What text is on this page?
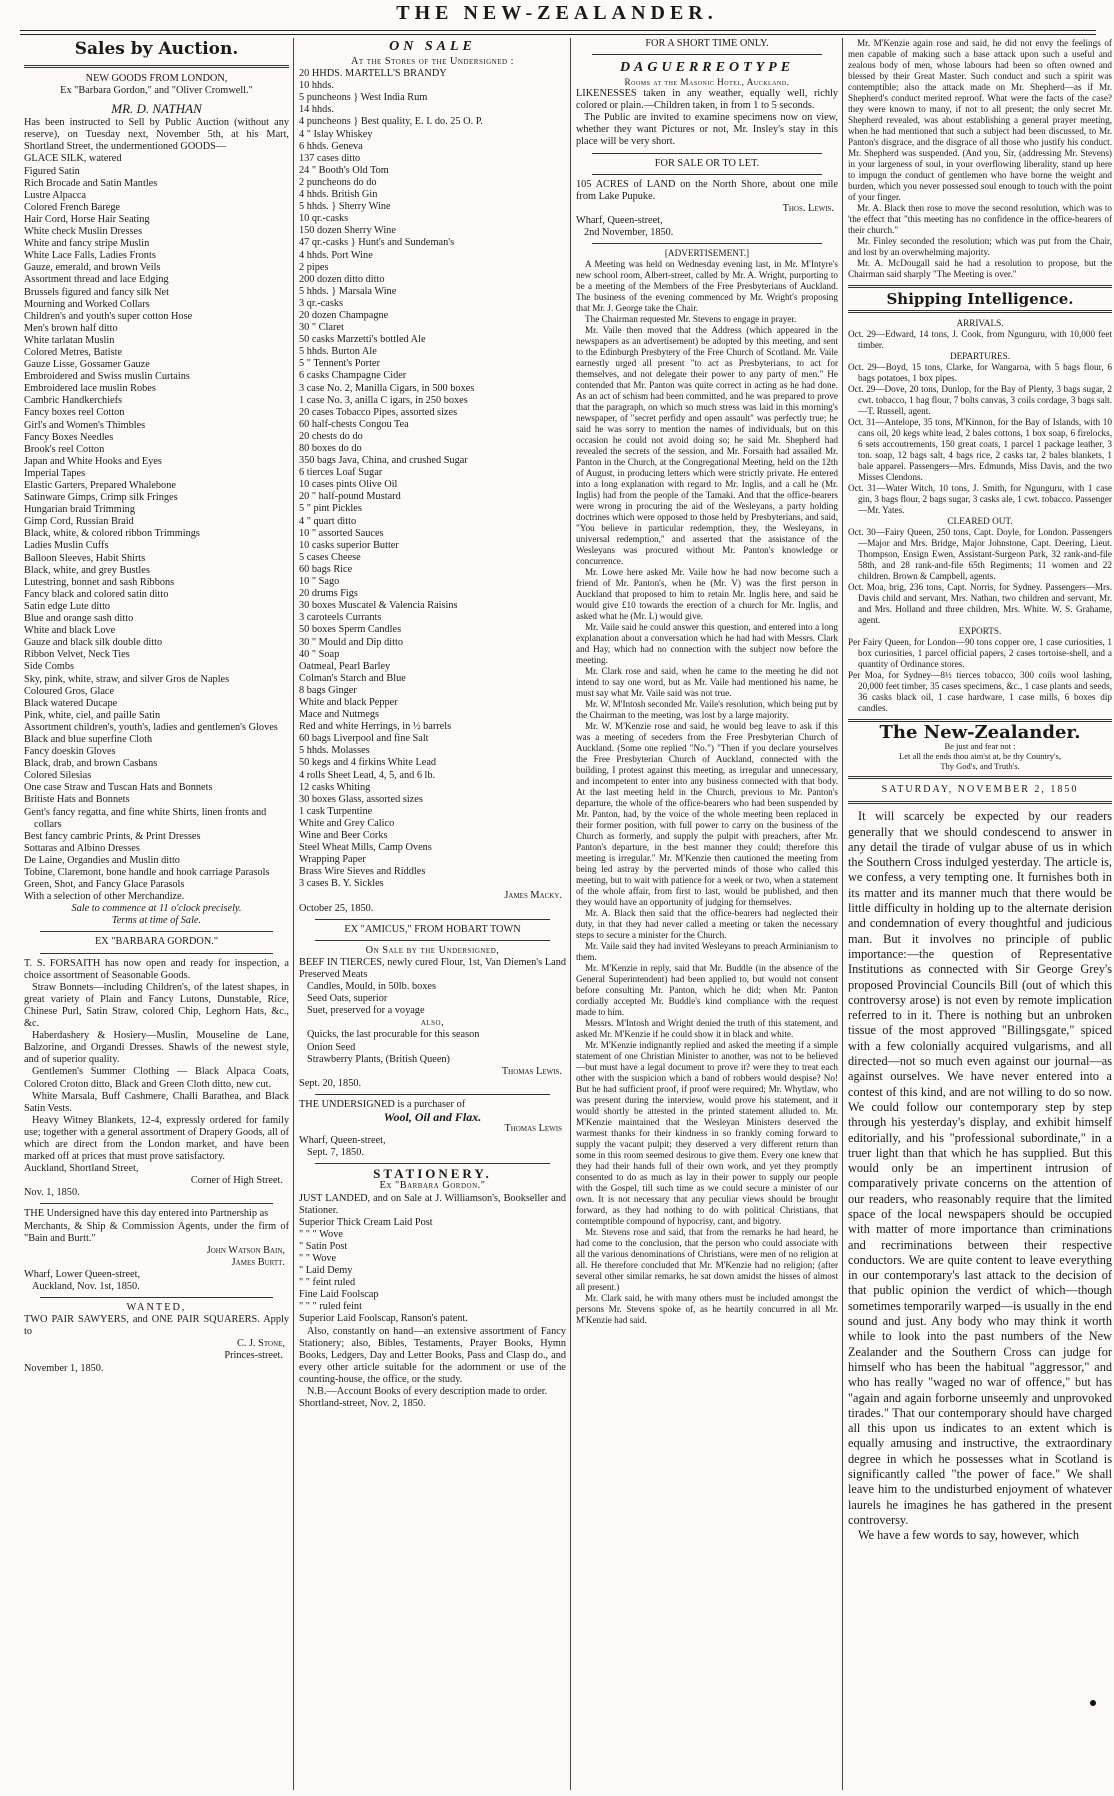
THE NEW-ZEALANDER.
Sales by Auction.
NEW GOODS FROM LONDON,
Ex "Barbara Gordon," and "Oliver Cromwell."
MR. D. NATHAN
Has been instructed to Sell by Public Auction (without any reserve), on Tuesday next, November 5th, at his Mart, Shortland Street, the undermentioned GOODS—
GLACE SILK, watered
Figured Satin
Rich Brocade and Satin Mantles
Lustre Alpacca
Colored French Barege
Hair Cord, Horse Hair Seating
White check Muslin Dresses
White and fancy stripe Muslin
White Lace Falls, Ladies Fronts
Gauze, emerald, and brown Veils
Assortment thread and lace Edging
Brussels figured and fancy silk Net
Mourning and Worked Collars
Children's and youth's super cotton Hose
Men's brown half ditto
White tarlatan Muslin
Colored Metres, Batiste
Gauze Lisse, Gossamer Gauze
Embroidered and Swiss muslin Curtains
Embroidered lace muslin Robes
Cambric Handkerchiefs
Fancy boxes reel Cotton
Girl's and Women's Thimbles
Fancy Boxes Needles
Brook's reel Cotton
Japan and White Hooks and Eyes
Imperial Tapes
Elastic Garters, Prepared Whalebone
Satinware Gimps, Crimp silk Fringes
Hungarian braid Trimming
Gimp Cord, Russian Braid
Black, white, & colored ribbon Trimmings
Ladies Muslin Cuffs
Balloon Sleeves, Habit Shirts
Black, white, and grey Bustles
Lutestring, bonnet and sash Ribbons
Fancy black and colored satin ditto
Satin edge Lute ditto
Blue and orange sash ditto
White and black Love
Gauze and black silk double ditto
Ribbon Velvet, Neck Ties
Side Combs
Sky, pink, white, straw, and silver Gros de Naples
Coloured Gros, Glace
Black watered Ducape
Pink, white, ciel, and paille Satin
Assortment children's, youth's, ladies and gentlemen's Gloves
Black and blue superfine Cloth
Fancy doeskin Gloves
Black, drab, and brown Casbans
Colored Silesias
One case Straw and Tuscan Hats and Bonnets
Britiste Hats and Bonnets
Gent's fancy regatta, and fine white Shirts, linen fronts and collars
Best fancy cambric Prints, & Print Dresses
Sottaras and Albino Dresses
De Laine, Organdies and Muslin ditto
Tobine, Claremont, bone handle and hook carriage Parasols
Green, Shot, and Fancy Glace Parasols
With a selection of other Merchandize.
Sale to commence at 11 o'clock precisely.
Terms at time of Sale.
EX "BARBARA GORDON."
T. S. FORSAITH has now open and ready for inspection, a choice assortment of Seasonable Goods.
Straw Bonnets—including Children's, of the latest shapes, in great variety of Plain and Fancy Lutons, Dunstable, Rice, Chinese Purl, Satin Straw, colored Chip, Leghorn Hats, &c., &c.
Haberdashery & Hosiery—Muslin, Mouseline de Lane, Balzorine, and Organdi Dresses. Shawls of the newest style, and of superior quality.
Gentlemen's Summer Clothing — Black Alpaca Coats, Colored Croton ditto, Black and Green Cloth ditto, new cut.
White Marsala, Buff Cashmere, Challi Barathea, and Black Satin Vests.
Heavy Witney Blankets, 12-4, expressly ordered for family use; together with a general assortment of Drapery Goods, all of which are direct from the London market, and have been marked off at prices that must prove satisfactory.
Auckland, Shortland Street,
Corner of High Street.
Nov. 1, 1850.
THE Undersigned have this day entered into Partnership as
Merchants, & Ship & Commission Agents, under the firm of "Bain and Burtt."
John Watson Bain,
James Burtt.
Wharf, Lower Queen-street,
Auckland, Nov. 1st, 1850.
WANTED,
TWO PAIR SAWYERS, and ONE PAIR SQUARERS. Apply to
C. J. Stone,
Princes-street.
November 1, 1850.
ON SALE
At the Stores of the Undersigned :
20 HHDS. MARTELL'S BRANDY
10 hhds.
5 puncheons } West India Rum
14 hhds.
4 puncheons } Best quality, E. I. do. 25 O. P.
4 " Islay Whiskey
6 hhds. Geneva
137 cases ditto
24 " Booth's Old Tom
2 puncheons do do
4 hhds. British Gin
5 hhds. } Sherry Wine
10 qr.-casks
150 dozen Sherry Wine
47 qr.-casks } Hunt's and Sundeman's
4 hhds. Port Wine
2 pipes
200 dozen ditto ditto
5 hhds. } Marsala Wine
3 qr.-casks
20 dozen Champagne
30 " Claret
50 casks Marzetti's bottled Ale
5 hhds. Burton Ale
5 " Tennent's Porter
6 casks Champagne Cider
3 case No. 2, Manilla Cigars, in 500 boxes
1 case No. 3, anilla C igars, in 250 boxes
20 cases Tobacco Pipes, assorted sizes
60 half-chests Congou Tea
20 chests do do
80 boxes do do
350 bags Java, China, and crushed Sugar
6 tierces Loaf Sugar
10 cases pints Olive Oil
20 " half-pound Mustard
5 " pint Pickles
4 " quart ditto
10 " assorted Sauces
10 casks superior Butter
5 cases Cheese
60 bags Rice
10 " Sago
20 drums Figs
30 boxes Muscatel & Valencia Raisins
3 caroteels Currants
50 boxes Sperm Candles
30 " Mould and Dip ditto
40 " Soap
Oatmeal, Pearl Barley
Colman's Starch and Blue
8 bags Ginger
White and black Pepper
Mace and Nutmegs
Red and white Herrings, in ½ barrels
60 bags Liverpool and fine Salt
5 hhds. Molasses
50 kegs and 4 firkins White Lead
4 rolls Sheet Lead, 4, 5, and 6 lb.
12 casks Whiting
30 boxes Glass, assorted sizes
1 cask Turpentine
White and Grey Calico
Wine and Beer Corks
Steel Wheat Mills, Camp Ovens
Wrapping Paper
Brass Wire Sieves and Riddles
3 cases B. Y. Sickles
James Macky.
October 25, 1850.
EX "AMICUS," FROM HOBART TOWN
On Sale by the Undersigned,
BEEF IN TIERCES, newly cured Flour, 1st, Van Diemen's Land Preserved Meats
Candles, Mould, in 50lb. boxes
Seed Oats, superior
Suet, preserved for a voyage
also,
Quicks, the last procurable for this season
Onion Seed
Strawberry Plants, (British Queen)
Thomas Lewis.
Sept. 20, 1850.
THE UNDERSIGNED is a purchaser of
Wool, Oil and Flax.
Thomas Lewis
Wharf, Queen-street,
Sept. 7, 1850.
STATIONERY.
Ex "Barbara Gordon."
JUST LANDED, and on Sale at J. Williamson's, Bookseller and Stationer.
Superior Thick Cream Laid Post
" " " Wove
" Satin Post
" " Wove
" Laid Demy
" " feint ruled
Fine Laid Foolscap
" " " ruled feint
Superior Laid Foolscap, Ranson's patent.
Also, constantly on hand—an extensive assortment of Fancy Stationery; also, Bibles, Testaments, Prayer Books, Hymn Books, Ledgers, Day and Letter Books, Pass and Clasp do., and every other article suitable for the adornment or use of the counting-house, the office, or the study.
N.B.—Account Books of every description made to order.
Shortland-street, Nov. 2, 1850.
FOR A SHORT TIME ONLY.
DAGUERREOTYPE
Rooms at the Masonic Hotel, Auckland.
LIKENESSES taken in any weather, equally well, richly colored or plain.—Children taken, in from 1 to 5 seconds.
The Public are invited to examine specimens now on view, whether they want Pictures or not, Mr. Insley's stay in this place will be very short.
FOR SALE OR TO LET.
105 ACRES of LAND on the North Shore, about one mile from Lake Pupuke.
Thos. Lewis.
Wharf, Queen-street,
2nd November, 1850.
[ADVERTISEMENT.]

A Meeting was held on Wednesday evening last, in Mr. M'Intyre's new school room, Albert-street, called by Mr. A. Wright, purporting to be a meeting of the Members of the Free Presbyterians of Auckland. The business of the evening commenced by Mr. Wright's proposing that Mr. J. George take the Chair.

The Chairman requested Mr. Stevens to engage in prayer.

Mr. Vaile then moved that the Address (which appeared in the newspapers as an advertisement) be adopted by this meeting, and sent to the Edinburgh Presbytery of the Free Church of Scotland. Mr. Vaile earnestly urged all present "to act as Presbyterians, to act for themselves, and not delegate their power to any party of men." He contended that Mr. Panton was quite correct in acting as he had done. As an act of schism had been committed, and he was prepared to prove that the paragraph, on which so much stress was laid in this morning's newspaper, of "secret perfidy and open assault" was perfectly true; he said he was sorry to mention the names of individuals, but on this occasion he could not avoid doing so; he said Mr. Shepherd had revealed the secrets of the session, and Mr. Forsaith had assailed Mr. Panton in the Church, at the Congregational Meeting, held on the 12th of August, in producing letters which were strictly private. He entered into a long explanation with regard to Mr. Inglis, and a call he (Mr. Inglis) had from the people of the Tamaki. And that the office-bearers were wrong in procuring the aid of the Wesleyans, a party holding doctrines which were opposed to those held by Presbyterians, and said, "You believe in particular redemption, they, the Wesleyans, in universal redemption," and asserted that the assistance of the Wesleyans was procured without Mr. Panton's knowledge or concurrence.

Mr. Lowe here asked Mr. Vaile how he had now become such a friend of Mr. Panton's, when he (Mr. V) was the first person in Auckland that proposed to him to retain Mr. Inglis here, and said he would give £10 towards the erection of a church for Mr. Inglis, and asked what he (Mr. L) would give.

Mr. Vaile said he could answer this question, and entered into a long explanation about a conversation which he had had with Messrs. Clark and Hay, which had no connection with the subject now before the meeting.

Mr. Clark rose and said, when he came to the meeting he did not intend to say one word, but as Mr. Vaile had mentioned his name, he must say what Mr. Vaile said was not true.

Mr. W. M'Intosh seconded Mr. Vaile's resolution, which being put by the Chairman to the meeting, was lost by a large majority.

Mr. W. M'Kenzie rose and said, he would beg leave to ask if this was a meeting of seceders from the Free Presbyterian Church of Auckland. (Some one replied "No.") "Then if you declare yourselves the Free Presbyterian Church of Auckland, connected with the building, I protest against this meeting, as irregular and unnecessary, and incompetent to enter into any business connected with that body. At the last meeting held in the Church, previous to Mr. Panton's departure, the whole of the office-bearers who had been suspended by Mr. Panton, had, by the voice of the whole meeting been replaced in their former position, with full power to carry on the business of the Church as formerly, and supply the pulpit with preachers, after Mr. Panton's departure, in the best manner they could; therefore this meeting is irregular." Mr. M'Kenzie then cautioned the meeting from being led astray by the perverted minds of those who called this meeting, but to wait with patience for a week or two, when a statement of the whole affair, from first to last, would be published, and then they would have an opportunity of judging for themselves.

Mr. A. Black then said that the office-bearers had neglected their duty, in that they had never called a meeting or taken the necessary steps to secure a minister for the Church.

Mr. Vaile said they had invited Wesleyans to preach Arminianism to them.

Mr. M'Kenzie in reply, said that Mr. Buddle (in the absence of the General Superintendent) had been applied to, but would not consent before consulting Mr. Panton, which he did; when Mr. Panton cordially accepted Mr. Buddle's kind compliance with the request made to him.

Messrs. M'Intosh and Wright denied the truth of this statement, and asked Mr. M'Kenzie if he could show it in black and white.

Mr. M'Kenzie indignantly replied and asked the meeting if a simple statement of one Christian Minister to another, was not to be believed—but must have a legal document to prove it? were they to treat each other with the suspicion which a band of robbers would despise? No! But he had sufficient proof, if proof were required; Mr. Whytlaw, who was present during the interview, would prove his statement, and it would shortly be attested in the printed statement alluded to. Mr. M'Kenzie maintained that the Wesleyan Ministers deserved the warmest thanks for their kindness in so frankly coming forward to supply the vacant pulpit; they deserved a very different return than some in this room seemed desirous to give them. Every one knew that they had their hands full of their own work, and yet they promptly consented to do as much as lay in their power to supply our people with the Gospel, till such time as we could secure a minister of our own. It is not necessary that any peculiar views should be brought forward, as they had nothing to do with political Christians, that contemptible compound of hypocrisy, cant, and bigotry.

Mr. Stevens rose and said, that from the remarks he had heard, he had come to the conclusion, that the person who could associate with all the various denominations of Christians, were men of no religion at all. He therefore concluded that Mr. M'Kenzie had no religion; (after several other similar remarks, he sat down amidst the hisses of almost all present.)

Mr. Clark said, he with many others must be included amongst the persons Mr. Stevens spoke of, as he heartily concurred in all Mr. M'Kenzie had said.

Mr. M'Kenzie again rose and said, he did not envy the feelings of men capable of making such a base attack upon such a useful and zealous body of men, whose labours had been so often owned and blessed by their Great Master. Such conduct and such a spirit was contemptible; also the attack made on Mr. Shepherd—as if Mr. Shepherd's conduct merited reproof. What were the facts of the case? they were known to many, if not to all present; the only secret Mr. Shepherd revealed, was about establishing a general prayer meeting, when he had mentioned that such a subject had been discussed, to Mr. Panton's disgrace, and the disgrace of all those who justify his conduct. Mr. Shepherd was suspended. (And you, Sir, (addressing Mr. Stevens) in your largeness of soul, in your overflowing liberality, stand up here to impugn the conduct of gentlemen who have borne the weight and burden, which you never possessed soul enough to touch with the point of your finger.

Mr. A. Black then rose to move the second resolution, which was to 'the effect that "this meeting has no confidence in the office-bearers of their church."

Mr. Finley seconded the resolution; which was put from the Chair, and lost by an overwhelming majority.

Mr. A. McDougall said he had a resolution to propose, but the Chairman said sharply "The Meeting is over."

Shipping Intelligence.
ARRIVALS.
Oct. 29—Edward, 14 tons, J. Cook, from Ngunguru, with 10,000 feet timber.
DEPARTURES.
Oct. 29—Boyd, 15 tons, Clarke, for Wangaroa, with 5 bags flour, 6 bags potatoes, 1 box pipes.
Oct. 29—Dove, 20 tons, Dunlop, for the Bay of Plenty, 3 bags sugar, 2 cwt. tobacco, 1 bag flour, 7 bolts canvas, 3 coils cordage, 3 bags salt.—T. Russell, agent.
Oct. 31—Antelope, 35 tons, M'Kinnon, for the Bay of Islands, with 10 cans oil, 20 kegs white lead, 2 bales cottons, 1 box soap, 6 firelocks, 6 sets accoutrements, 150 great coats, 1 parcel 1 package leather, 3 ton. soap, 12 bags salt, 4 bags rice, 2 casks tar, 2 bales blankets, 1 bale apparel. Passengers—Mrs. Edmunds, Miss Davis, and the two Misses Clendons.
Oct. 31—Water Witch, 10 tons, J. Smith, for Ngunguru, with 1 case gin, 3 bags flour, 2 bags sugar, 3 casks ale, 1 cwt. tobacco. Passenger—Mr. Yates.
CLEARED OUT.
Oct. 30—Fairy Queen, 250 tons, Capt. Doyle, for London. Passengers—Major and Mrs. Bridge, Major Johnstone, Capt. Deering, Lieut. Thompson, Ensign Ewen, Assistant-Surgeon Park, 32 rank-and-file 58th, and 28 rank-and-file 65th Regiments; 11 women and 22 children. Brown & Campbell, agents.
Oct. Moa, brig, 236 tons, Capt. Norris, for Sydney. Passengers—Mrs. Davis child and servant, Mrs. Nathan, two children and servant, Mr. and Mrs. Holland and three children, Mrs. White. W. S. Grahame, agent.
EXPORTS.
Per Fairy Queen, for London—90 tons copper ore, 1 case curiosities, 1 box curiosities, 1 parcel official papers, 2 cases tortoise-shell, and a quantity of Ordinance stores.
Per Moa, for Sydney—8½ tierces tobacco, 300 coils wool lashing, 20,000 feet timber, 35 cases specimens, &c., 1 case plants and seeds, 36 casks black oil, 1 case hardware, 1 case mills, 6 boxes dip candles.
The New-Zealander.
Be just and fear not :
Let all the ends thou aim'st at, be thy Country's,
Thy God's, and Truth's.
SATURDAY, NOVEMBER 2, 1850

It will scarcely be expected by our readers generally that we should condescend to answer in any detail the tirade of vulgar abuse of us in which the Southern Cross indulged yesterday. The article is, we confess, a very tempting one. It furnishes both in its matter and its manner much that there would be little difficulty in holding up to the alternate derision and condemnation of every thoughtful and judicious man. But it involves no principle of public importance:—the question of Representative Institutions as connected with Sir George Grey's proposed Provincial Councils Bill (out of which this controversy arose) is not even by remote implication referred to in it. There is nothing but an unbroken tissue of the most approved "Billingsgate," spiced with a few colonially acquired vulgarisms, and all directed—not so much even against our journal—as against ourselves. We have never entered into a contest of this kind, and are not willing to do so now. We could follow our contemporary step by step through his yesterday's display, and exhibit himself editorially, and his "professional subordinate," in a truer light than that which he has supplied. But this would only be an impertinent intrusion of comparatively private concerns on the attention of our readers, who reasonably require that the limited space of the local newspapers should be occupied with matter of more importance than criminations and recriminations between their respective conductors. We are quite content to leave everything in our contemporary's last attack to the decision of that public opinion the verdict of which—though sometimes temporarily warped—is usually in the end sound and just. Any body who may think it worth while to look into the past numbers of the New Zealander and the Southern Cross can judge for himself who has been the habitual "aggressor," and who has really "waged no war of offence," but has "again and again forborne unseemly and unprovoked tirades." That our contemporary should have charged all this upon us indicates to an extent which is equally amusing and instructive, the extraordinary degree in which he possesses what in Scotland is significantly called "the power of face." We shall leave him to the undisturbed enjoyment of whatever laurels he imagines he has gathered in the present controversy.

We have a few words to say, however, which
